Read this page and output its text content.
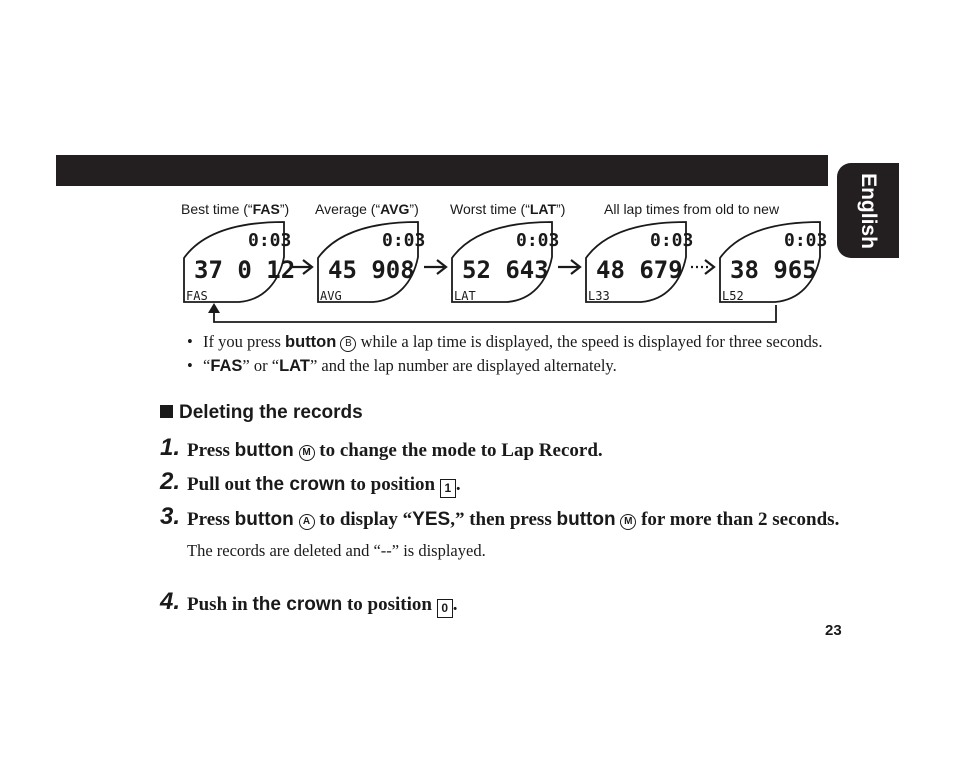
English
Best time (“FAS”) Average (“AVG”) Worst time (“LAT”)	All lap times from old to new
0:03
37 0 12
FAS
0:03
45 908
AVG
0:03
52 643
LAT
0:03
48 679
L33
0:03
38 965
L52
• If you press button B while a lap time is displayed, the speed is displayed for three seconds.
• “FAS” or “LAT” and the lap number are displayed alternately.
Deleting the records
1. Press button M to change the mode to Lap Record.
2. Pull out the crown to position 1 .
3. Press button A to display “YES,” then press button M for more than 2 seconds.
The records are deleted and “--” is displayed.
4. Push in the crown to position 0 .
23
